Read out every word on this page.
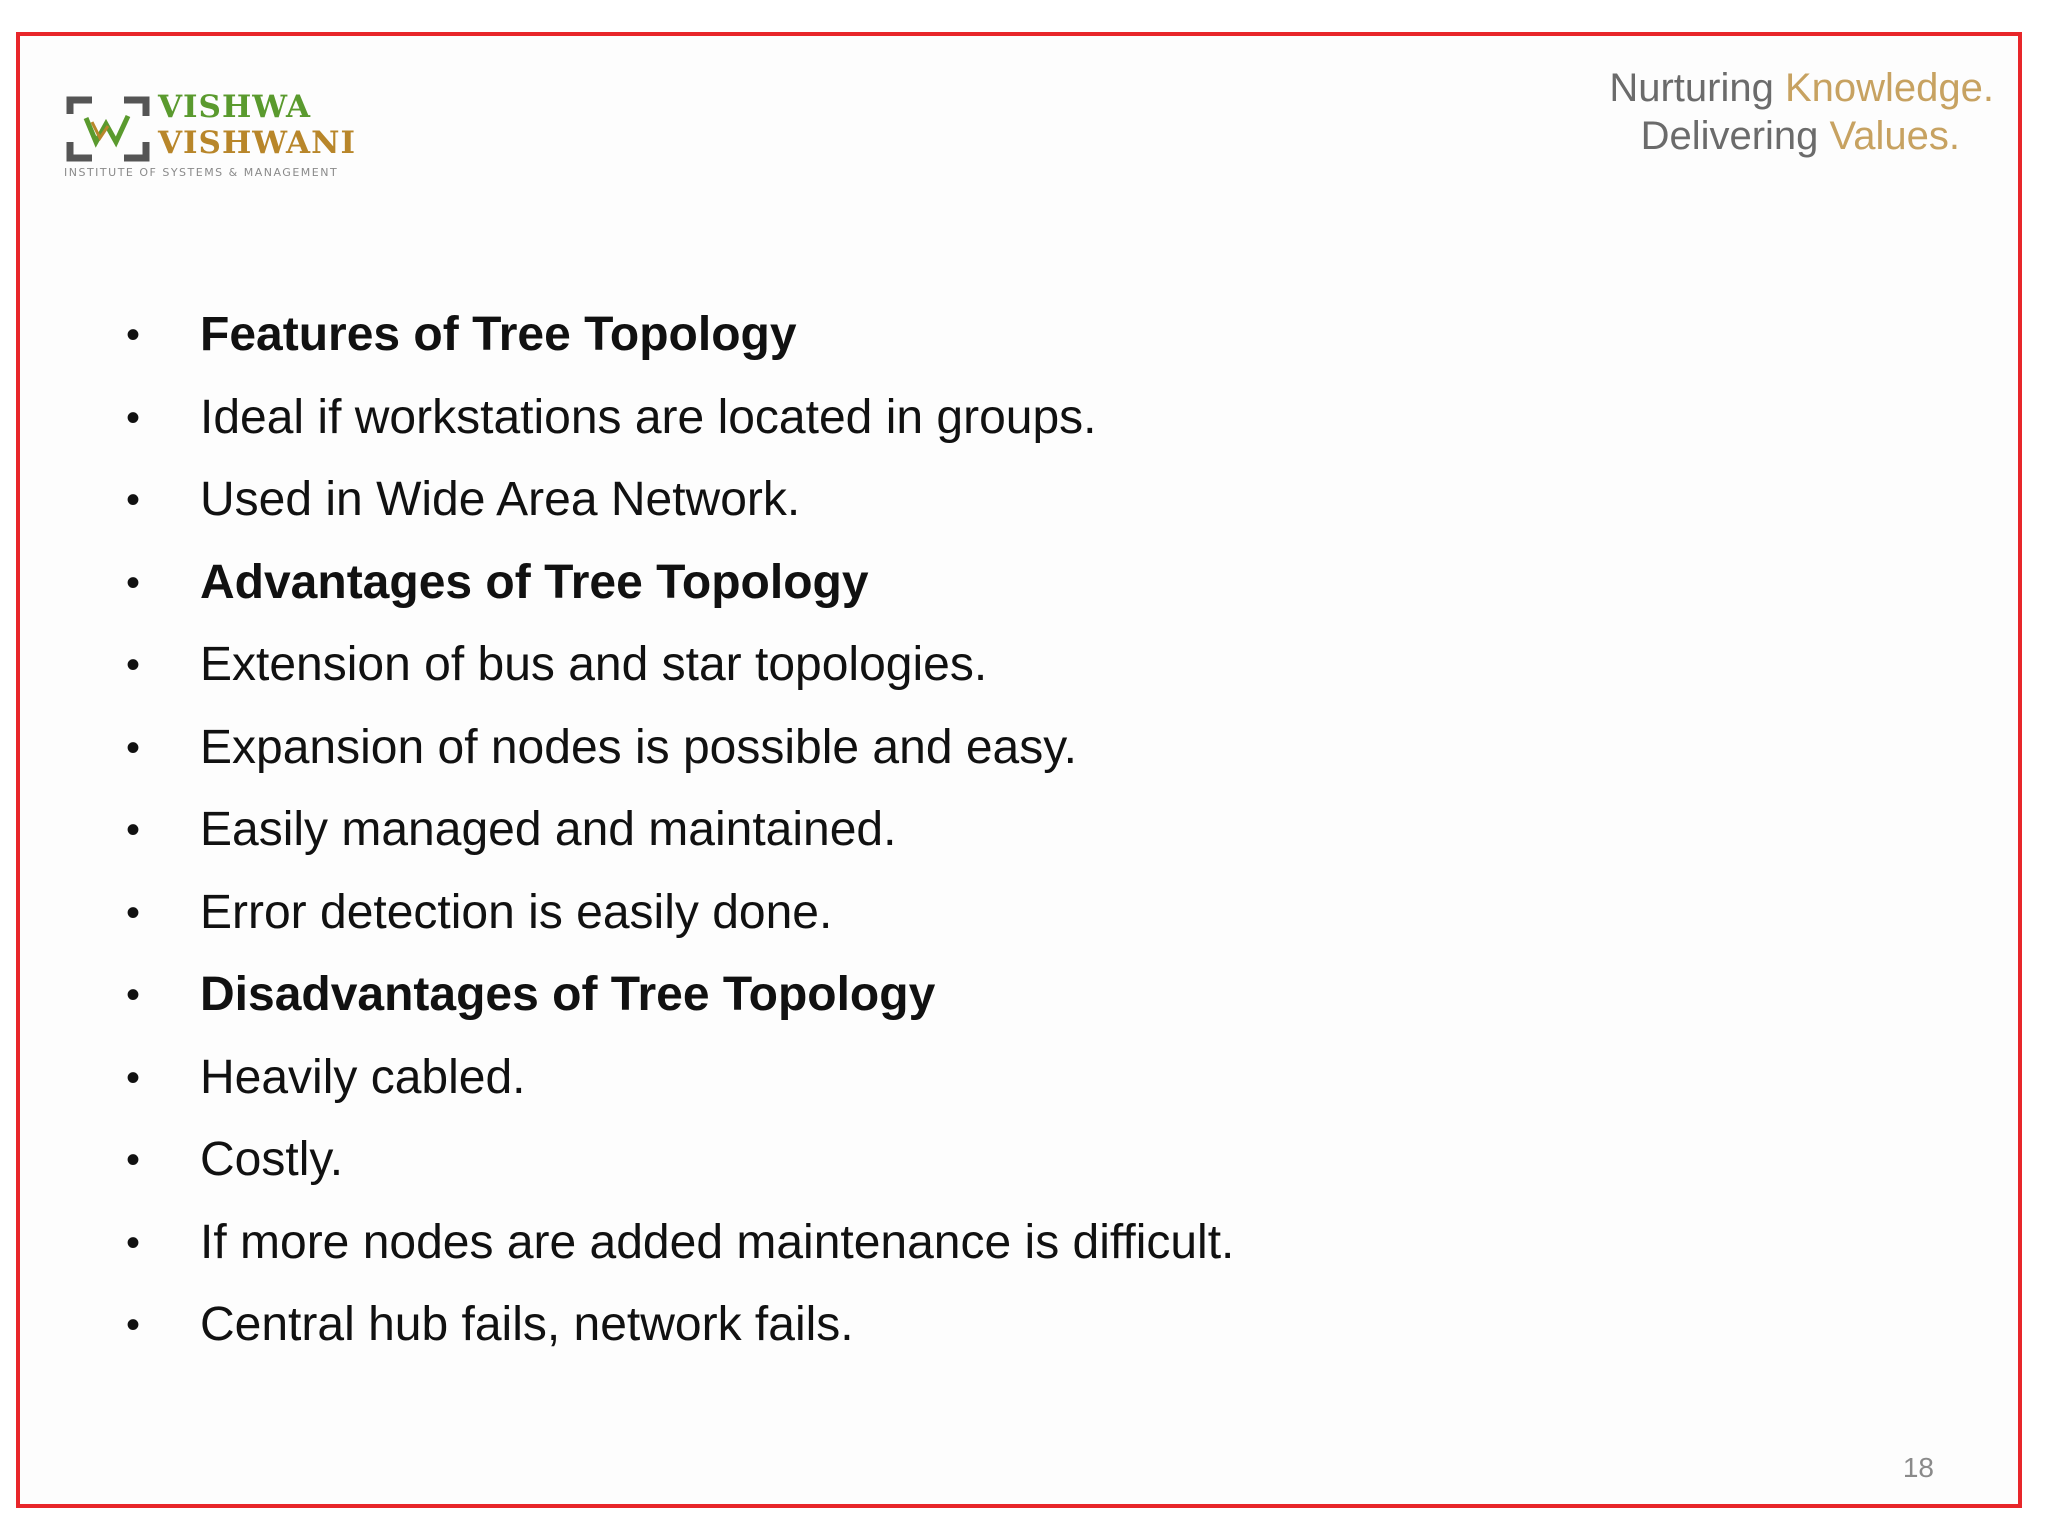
VISHWA
VISHWANI
INSTITUTE OF SYSTEMS & MANAGEMENT
Nurturing Knowledge.
Delivering Values.
• Features of Tree Topology
• Ideal if workstations are located in groups.
• Used in Wide Area Network.
• Advantages of Tree Topology
• Extension of bus and star topologies.
• Expansion of nodes is possible and easy.
• Easily managed and maintained.
• Error detection is easily done.
• Disadvantages of Tree Topology
• Heavily cabled.
• Costly.
• If more nodes are added maintenance is difficult.
• Central hub fails, network fails.
18
